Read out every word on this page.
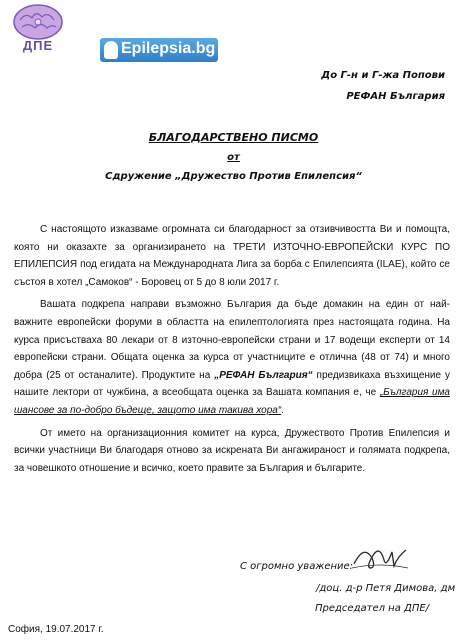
ДПЕ	Epilepsia.bg
До Г-н и Г-жа Попови
РЕФАН България
БЛАГОДАРСТВЕНО ПИСМО
от
Сдружение „Дружество Против Епилепсия“

С настоящото изказваме огромната си благодарност за отзивчивостта Ви и помощта, която ни оказахте за организирането на ТРЕТИ ИЗТОЧНО-ЕВРОПЕЙСКИ КУРС ПО ЕПИЛЕПСИЯ под егидата на Международната Лига за борба с Епилепсията (ILAE), който се състоя в хотел „Самоков“ - Боровец от 5 до 8 юли 2017 г.

Вашата подкрепа направи възможно България да бъде домакин на един от най-важните европейски форуми в областта на епилептологията през настоящата година. На курса присъстваха 80 лекари от 8 източно-европейски страни и 17 водещи експерти от 14 европейски страни. Общата оценка за курса от участниците е отлична (48 от 74) и много добра (25 от останалите). Продуктите на „РЕФАН България“ предизвикаха възхищение у нашите лектори от чужбина, а всеобщата оценка за Вашата компания е, че „България има шансове за по-добро бъдеще, защото има такива хора“.

От името на организационния комитет на курса, Дружеството Против Епилепсия и всички участници Ви благодаря отново за искрената Ви ангажираност и голямата подкрепа, за човешкото отношение и всичко, което правите за България и българите.

С огромно уважение:
/доц. д-р Петя Димова, дм
Председател на ДПЕ/
София, 19.07.2017 г.
